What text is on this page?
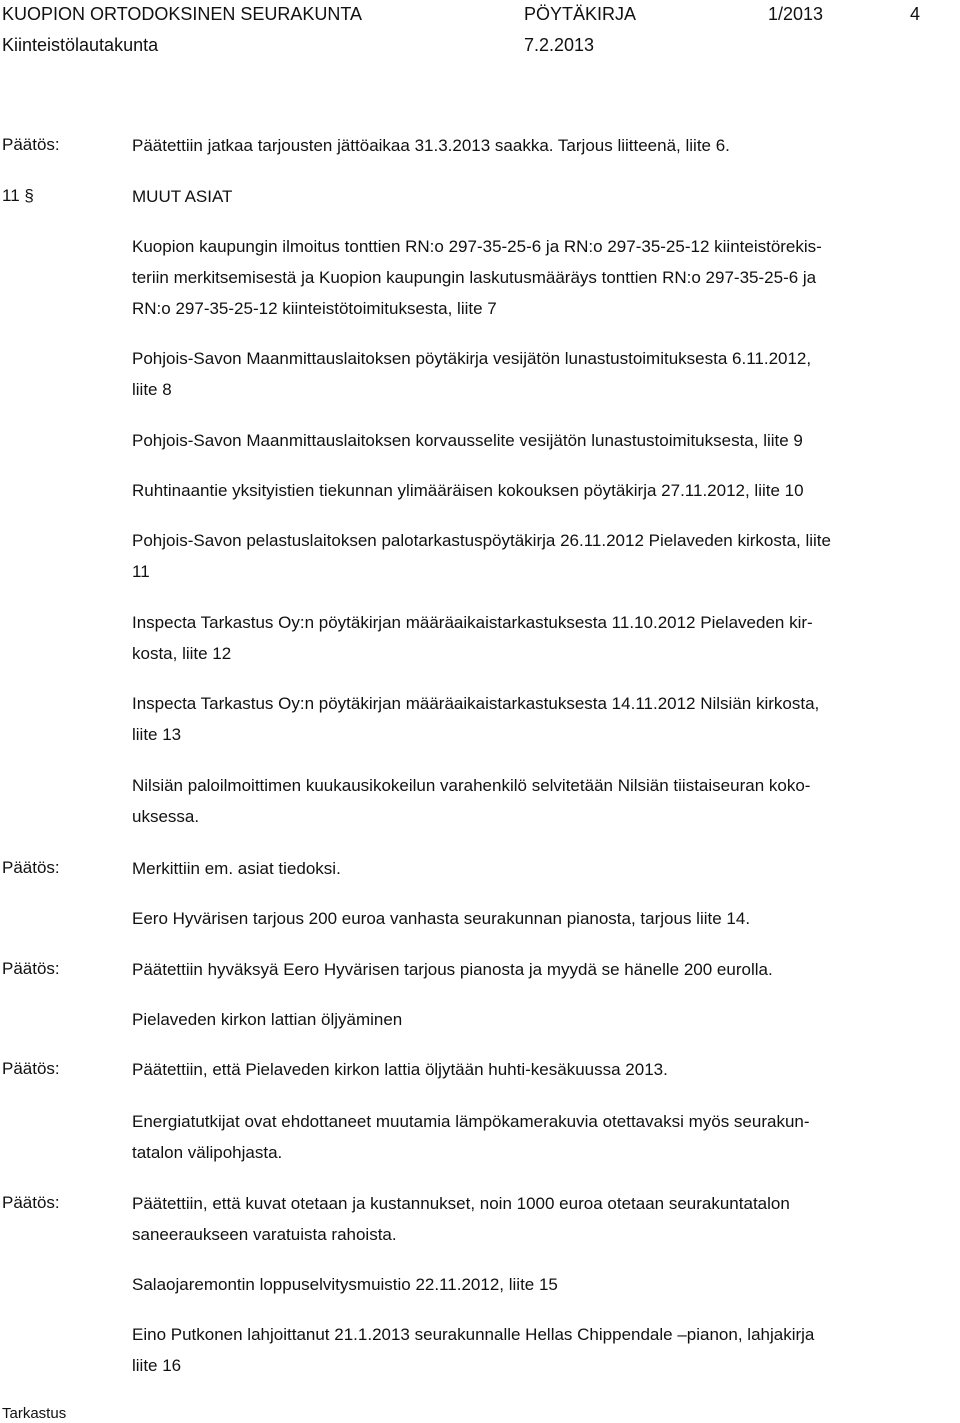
KUOPION ORTODOKSINEN SEURAKUNTA	PÖYTÄKIRJA	1/2013	4
Kiinteistölautakunta	7.2.2013
Päätös:	Päätettiin jatkaa tarjousten jättöaikaa 31.3.2013 saakka. Tarjous liitteenä, liite 6.

11 §	MUUT ASIAT

Kuopion kaupungin ilmoitus tonttien RN:o 297-35-25-6 ja RN:o 297-35-25-12 kiinteistörekis-
teriin merkitsemisestä ja Kuopion kaupungin laskutusmääräys tonttien RN:o 297-35-25-6 ja
RN:o 297-35-25-12 kiinteistötoimituksesta, liite 7

Pohjois-Savon Maanmittauslaitoksen pöytäkirja vesijätön lunastustoimituksesta 6.11.2012,
liite 8

Pohjois-Savon Maanmittauslaitoksen korvausselite vesijätön lunastustoimituksesta, liite 9

Ruhtinaantie yksityistien tiekunnan ylimääräisen kokouksen pöytäkirja 27.11.2012, liite 10

Pohjois-Savon pelastuslaitoksen palotarkastuspöytäkirja 26.11.2012 Pielaveden kirkosta, liite
11

Inspecta Tarkastus Oy:n pöytäkirjan määräaikaistarkastuksesta 11.10.2012 Pielaveden kir-
kosta, liite 12

Inspecta Tarkastus Oy:n pöytäkirjan määräaikaistarkastuksesta 14.11.2012 Nilsiän kirkosta,
liite 13

Nilsiän paloilmoittimen kuukausikokeilun varahenkilö selvitetään Nilsiän tiistaiseuran koko-
uksessa.

Päätös:	Merkittiin em. asiat tiedoksi.

Eero Hyvärisen tarjous 200 euroa vanhasta seurakunnan pianosta, tarjous liite 14.

Päätös:	Päätettiin hyväksyä Eero Hyvärisen tarjous pianosta ja myydä se hänelle 200 eurolla.

Pielaveden kirkon lattian öljyäminen

Päätös:	Päätettiin, että Pielaveden kirkon lattia öljytään huhti-kesäkuussa 2013.

Energiatutkijat ovat ehdottaneet muutamia lämpökamerakuvia otettavaksi myös seurakun-
tatalon välipohjasta.

Päätös:	Päätettiin, että kuvat otetaan ja kustannukset, noin 1000 euroa otetaan seurakuntatalon
saneeraukseen varatuista rahoista.

Salaojaremontin loppuselvitysmuistio 22.11.2012, liite 15

Eino Putkonen lahjoittanut 21.1.2013 seurakunnalle Hellas Chippendale –pianon, lahjakirja
liite 16

Tarkastus
